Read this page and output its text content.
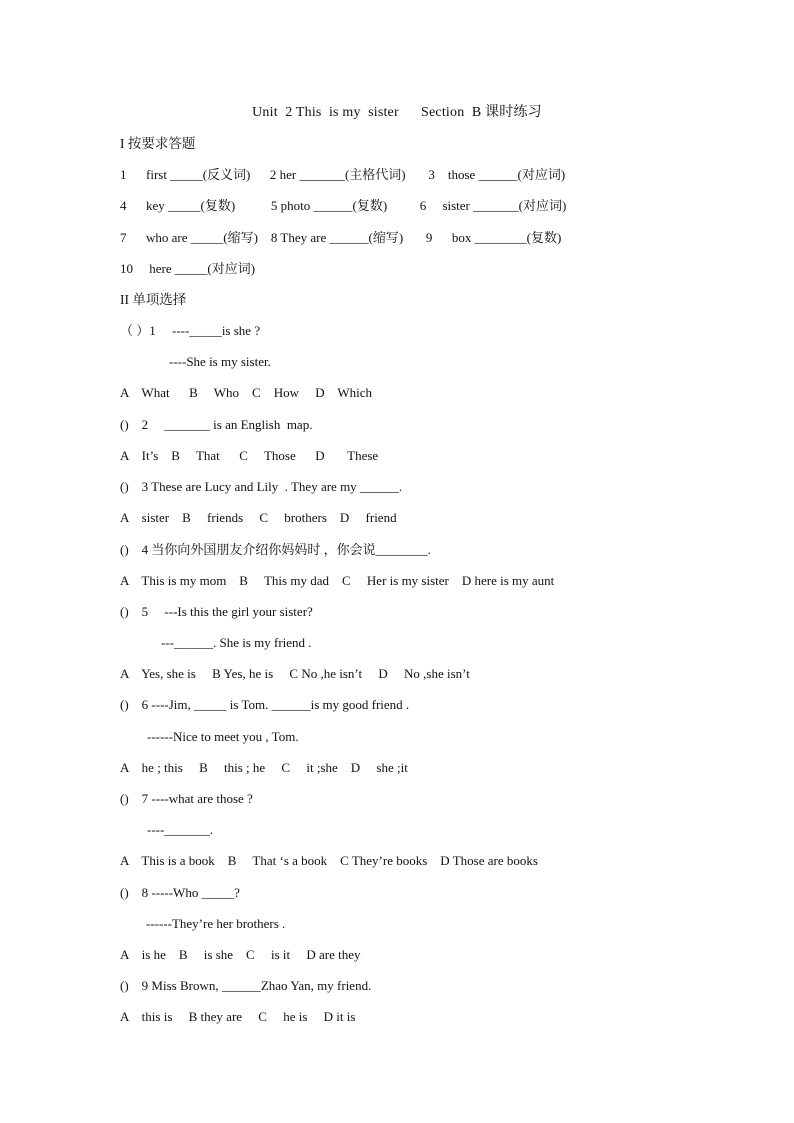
Unit  2 This  is my  sister      Section  B 课时练习
I 按要求答题
1      first _____(反义词)      2 her _______(主格代词)       3    those ______(对应词)
4      key _____(复数)           5 photo ______(复数)          6     sister _______(对应词)
7      who are _____(缩写)    8 They are ______(缩写)       9      box ________(复数)
10     here _____(对应词)
II 单项选择
（ ）1     ----_____is she ?
----She is my sister.
A    What      B     Who    C    How     D    Which
()    2     _______ is an English  map.
A    It’s    B     That      C     Those      D       These
()    3 These are Lucy and Lily  . They are my ______.
A    sister    B     friends     C     brothers    D     friend
()    4 当你向外国朋友介绍你妈妈时 ，你会说________.
A    This is my mom    B     This my dad    C     Her is my sister    D here is my aunt
()    5     ---Is this the girl your sister?
---______. She is my friend .
A    Yes, she is     B Yes, he is     C No ,he isn’t     D     No ,she isn’t
()    6 ----Jim, _____ is Tom. ______is my good friend .
------Nice to meet you , Tom.
A    he ; this     B     this ; he     C     it ;she    D     she ;it
()    7 ----what are those ?
----_______.
A    This is a book    B     That ‘s a book    C They’re books    D Those are books
()    8 -----Who _____?
------They’re her brothers .
A    is he    B     is she    C     is it     D are they
()    9 Miss Brown, ______Zhao Yan, my friend.
A    this is     B they are     C     he is     D it is
